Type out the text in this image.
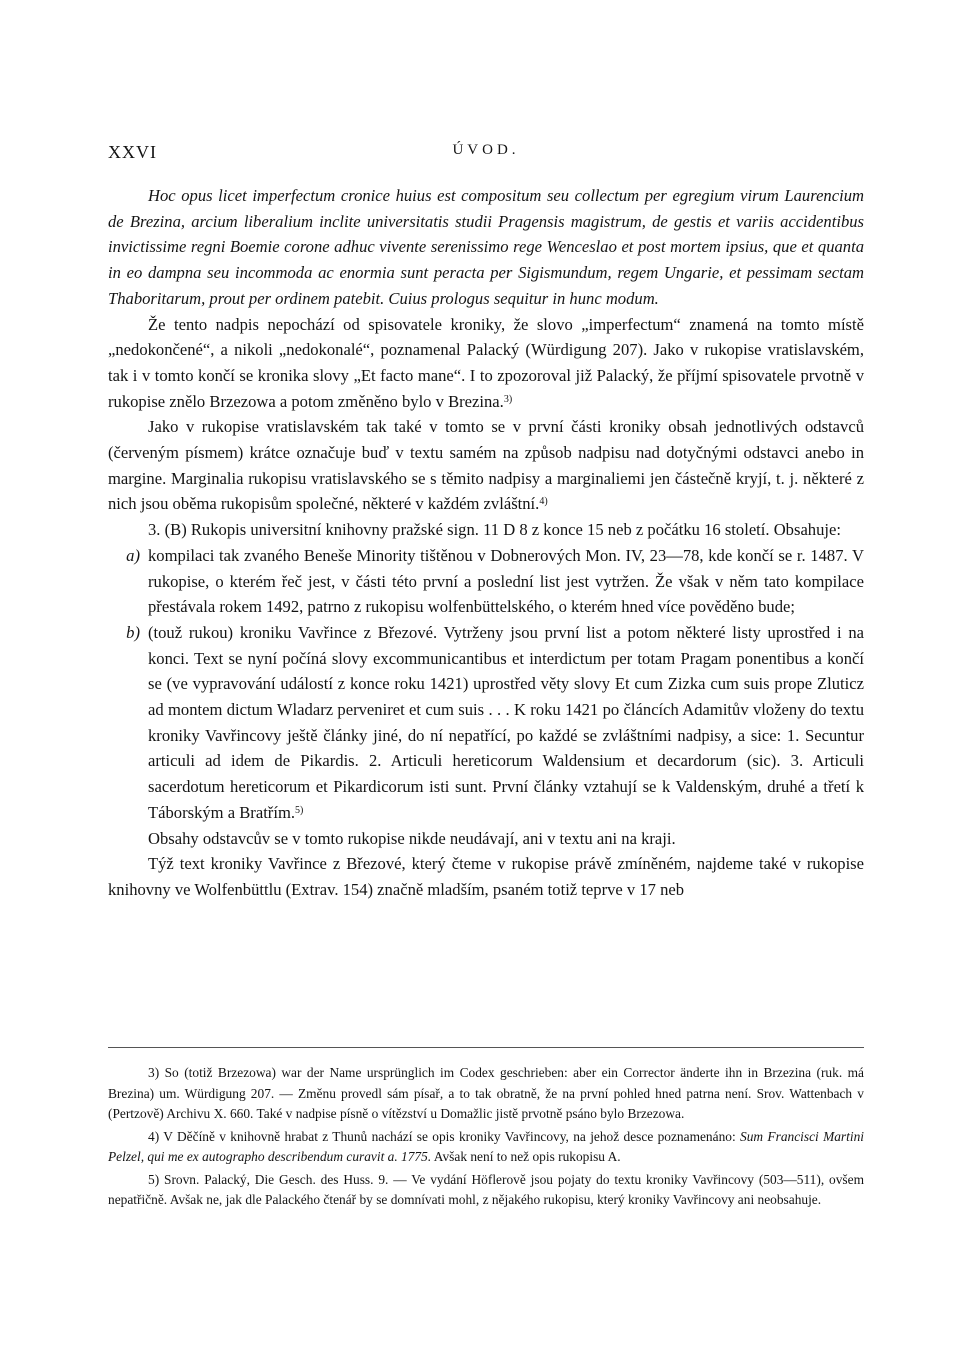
XXVI	ÚVOD.

Hoc opus licet imperfectum cronice huius est compositum seu collectum per egregium virum Laurencium de Brezina, arcium liberalium inclite universitatis studii Pragensis magistrum, de gestis et variis accidentibus invictissime regni Boemie corone adhuc vivente serenissimo rege Wenceslao et post mortem ipsius, que et quanta in eo dampna seu incommoda ac enormia sunt peracta per Sigismundum, regem Ungarie, et pessimam sectam Thaboritarum, prout per ordinem patebit. Cuius prologus sequitur in hunc modum.

Že tento nadpis nepochází od spisovatele kroniky, že slovo „imperfectum“ znamená na tomto místě „nedokončené“, a nikoli „nedokonalé“, poznamenal Palacký (Würdigung 207). Jako v rukopise vratislavském, tak i v tomto končí se kronika slovy „Et facto mane“. I to zpozoroval již Palacký, že příjmí spisovatele prvotně v rukopise znělo Brzezowa a potom změněno bylo v Brezina.$^{3)}$

Jako v rukopise vratislavském tak také v tomto se v první části kroniky obsah jednotlivých odstavců (červeným písmem) krátce označuje buď v textu samém na způsob nadpisu nad dotyčnými odstavci anebo in margine. Marginalia rukopisu vratislavského se s těmito nadpisy a marginaliemi jen částečně kryjí, t. j. některé z nich jsou oběma rukopisům společné, některé v každém zvláštní.$^{4)}$

3. (B) Rukopis universitní knihovny pražské sign. 11 D 8 z konce 15 neb z počátku 16 století. Obsahuje:

a) kompilaci tak zvaného Beneše Minority tištěnou v Dobnerových Mon. IV, 23—78, kde končí se r. 1487. V rukopise, o kterém řeč jest, v části této první a poslední list jest vytržen. Že však v něm tato kompilace přestávala rokem 1492, patrno z rukopisu wolfenbüttelského, o kterém hned více pověděno bude;
b) (touž rukou) kroniku Vavřince z Březové. Vytrženy jsou první list a potom některé listy uprostřed i na konci. Text se nyní počíná slovy excommunicantibus et interdictum per totam Pragam ponentibus a končí se (ve vypravování událostí z konce roku 1421) uprostřed věty slovy Et cum Zizka cum suis prope Zluticz ad montem dictum Wladarz perveniret et cum suis . . . K roku 1421 po článcích Adamitův vloženy do textu kroniky Vavřincovy ještě články jiné, do ní nepatřící, po každé se zvláštními nadpisy, a sice: 1. Secuntur articuli ad idem de Pikardis. 2. Articuli hereticorum Waldensium et decardorum (sic). 3. Articuli sacerdotum hereticorum et Pikardicorum isti sunt. První články vztahují se k Valdenským, druhé a třetí k Táborským a Bratřím.$^{5)}$

Obsahy odstavcův se v tomto rukopise nikde neudávají, ani v textu ani na kraji.

Týž text kroniky Vavřince z Březové, který čteme v rukopise právě zmíněném, najdeme také v rukopise knihovny ve Wolfenbüttlu (Extrav. 154) značně mladším, psaném totiž teprve v 17 neb

3) So (totiž Brzezowa) war der Name ursprünglich im Codex geschrieben: aber ein Corrector änderte ihn in Brzezina (ruk. má Brezina) um. Würdigung 207. — Změnu provedl sám písař, a to tak obratně, že na první pohled hned patrna není. Srov. Wattenbach v (Pertzově) Archivu X. 660. Také v nadpise písně o vítězství u Domažlic jistě prvotně psáno bylo Brzezowa.

4) V Děčíně v knihovně hrabat z Thunů nachází se opis kroniky Vavřincovy, na jehož desce poznamenáno: Sum Francisci Martini Pelzel, qui me ex autographo describendum curavit a. 1775. Avšak není to než opis rukopisu A.

5) Srovn. Palacký, Die Gesch. des Huss. 9. — Ve vydání Höflerově jsou pojaty do textu kroniky Vavřincovy (503—511), ovšem nepatřičně. Avšak ne, jak dle Palackého čtenář by se domnívati mohl, z nějakého rukopisu, který kroniky Vavřincovy ani neobsahuje.
